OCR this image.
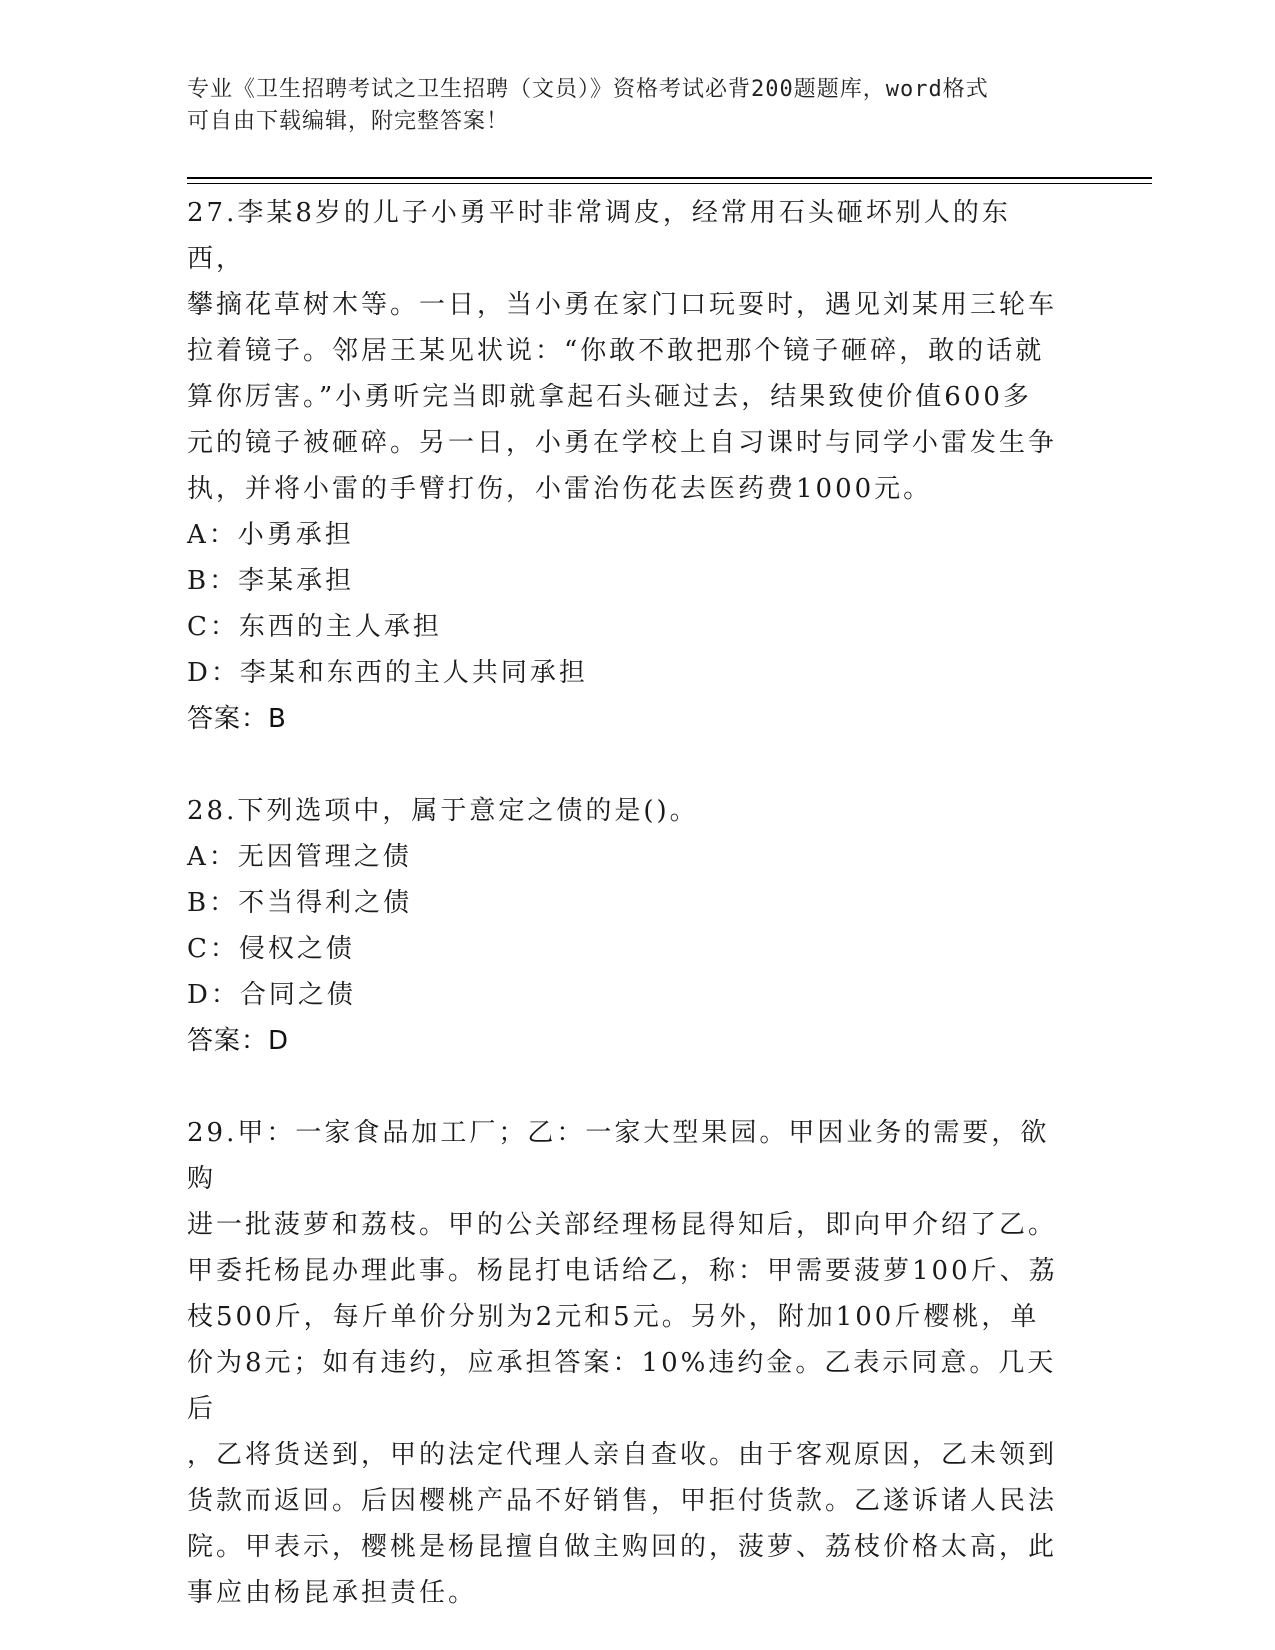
专业《卫生招聘考试之卫生招聘（文员）》资格考试必背200题题库，word格式
可自由下载编辑，附完整答案！

27.李某8岁的儿子小勇平时非常调皮，经常用石头砸坏别人的东西，

攀摘花草树木等。一日，当小勇在家门口玩耍时，遇见刘某用三轮车

拉着镜子。邻居王某见状说：“你敢不敢把那个镜子砸碎，敢的话就

算你厉害。”小勇听完当即就拿起石头砸过去，结果致使价值600多

元的镜子被砸碎。另一日，小勇在学校上自习课时与同学小雷发生争

执，并将小雷的手臂打伤，小雷治伤花去医药费1000元。

A：小勇承担

B：李某承担

C：东西的主人承担

D：李某和东西的主人共同承担

答案：B

28.下列选项中，属于意定之债的是()。

A：无因管理之债

B：不当得利之债

C：侵权之债

D：合同之债

答案：D

29.甲：一家食品加工厂；乙：一家大型果园。甲因业务的需要，欲购

进一批菠萝和荔枝。甲的公关部经理杨昆得知后，即向甲介绍了乙。

甲委托杨昆办理此事。杨昆打电话给乙，称：甲需要菠萝100斤、荔

枝500斤，每斤单价分别为2元和5元。另外，附加100斤樱桃，单

价为8元；如有违约，应承担答案：10%违约金。乙表示同意。几天后

，乙将货送到，甲的法定代理人亲自查收。由于客观原因，乙未领到

货款而返回。后因樱桃产品不好销售，甲拒付货款。乙遂诉诸人民法

院。甲表示，樱桃是杨昆擅自做主购回的，菠萝、荔枝价格太高，此

事应由杨昆承担责任。
